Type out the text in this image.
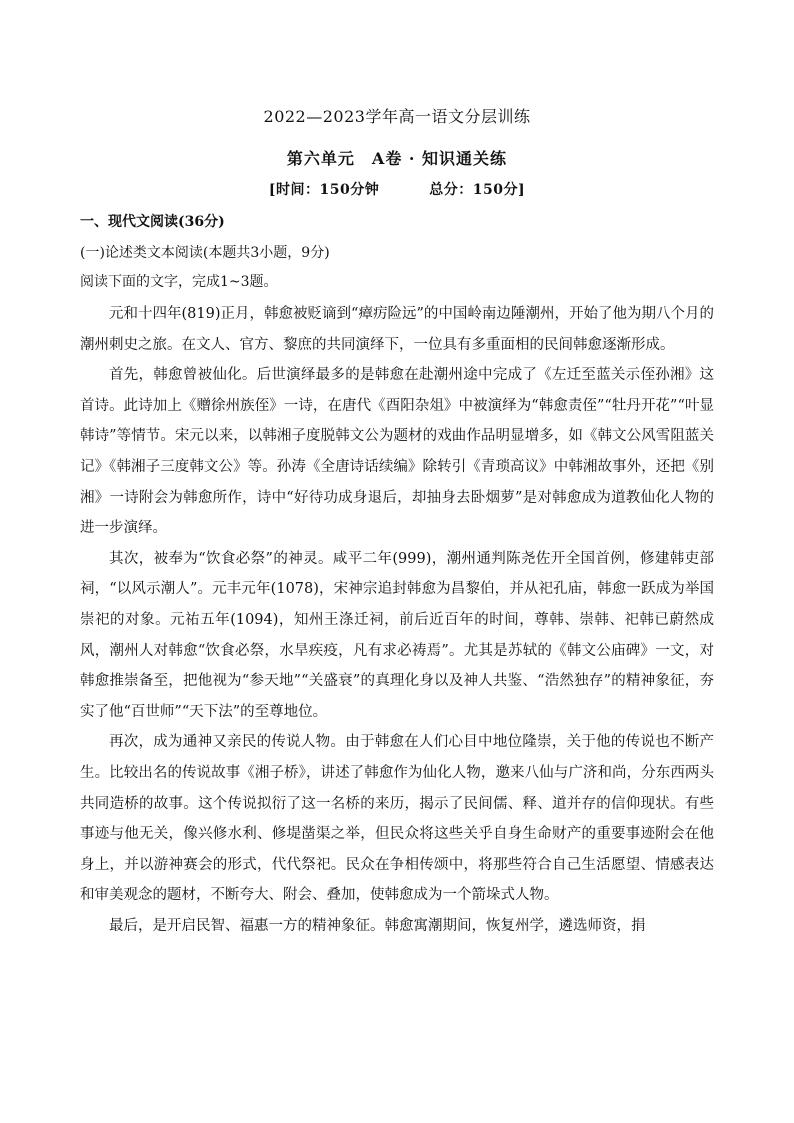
2022—2023学年高一语文分层训练
第六单元　A卷 · 知识通关练
[时间：150分钟	总分：150分]
一、现代文阅读(36分)
(一)论述类文本阅读(本题共3小题，9分)
阅读下面的文字，完成1~3题。

元和十四年(819)正月，韩愈被贬谪到“瘴疠险远”的中国岭南边陲潮州，开始了他为期八个月的潮州刺史之旅。在文人、官方、黎庶的共同演绎下，一位具有多重面相的民间韩愈逐渐形成。

首先，韩愈曾被仙化。后世演绎最多的是韩愈在赴潮州途中完成了《左迁至蓝关示侄孙湘》这首诗。此诗加上《赠徐州族侄》一诗，在唐代《酉阳杂俎》中被演绎为“韩愈责侄”“牡丹开花”“叶显韩诗”等情节。宋元以来，以韩湘子度脱韩文公为题材的戏曲作品明显增多，如《韩文公风雪阻蓝关记》《韩湘子三度韩文公》等。孙涛《全唐诗话续编》除转引《青琐高议》中韩湘故事外，还把《别湘》一诗附会为韩愈所作，诗中“好待功成身退后，却抽身去卧烟萝”是对韩愈成为道教仙化人物的进一步演绎。

其次，被奉为“饮食必祭”的神灵。咸平二年(999)，潮州通判陈尧佐开全国首例，修建韩吏部祠，“以风示潮人”。元丰元年(1078)，宋神宗追封韩愈为昌黎伯，并从祀孔庙，韩愈一跃成为举国崇祀的对象。元祐五年(1094)，知州王涤迁祠，前后近百年的时间，尊韩、崇韩、祀韩已蔚然成风，潮州人对韩愈“饮食必祭，水旱疾疫，凡有求必祷焉”。尤其是苏轼的《韩文公庙碑》一文，对韩愈推崇备至，把他视为“参天地”“关盛衰”的真理化身以及神人共鉴、“浩然独存”的精神象征，夯实了他“百世师”“天下法”的至尊地位。

再次，成为通神又亲民的传说人物。由于韩愈在人们心目中地位隆崇，关于他的传说也不断产生。比较出名的传说故事《湘子桥》，讲述了韩愈作为仙化人物，邀来八仙与广济和尚，分东西两头共同造桥的故事。这个传说拟衍了这一名桥的来历，揭示了民间儒、释、道并存的信仰现状。有些事迹与他无关，像兴修水利、修堤凿渠之举，但民众将这些关乎自身生命财产的重要事迹附会在他身上，并以游神赛会的形式，代代祭祀。民众在争相传颂中，将那些符合自己生活愿望、情感表达和审美观念的题材，不断夸大、附会、叠加，使韩愈成为一个箭垛式人物。

最后，是开启民智、福惠一方的精神象征。韩愈寓潮期间，恢复州学，遴选师资，捐
